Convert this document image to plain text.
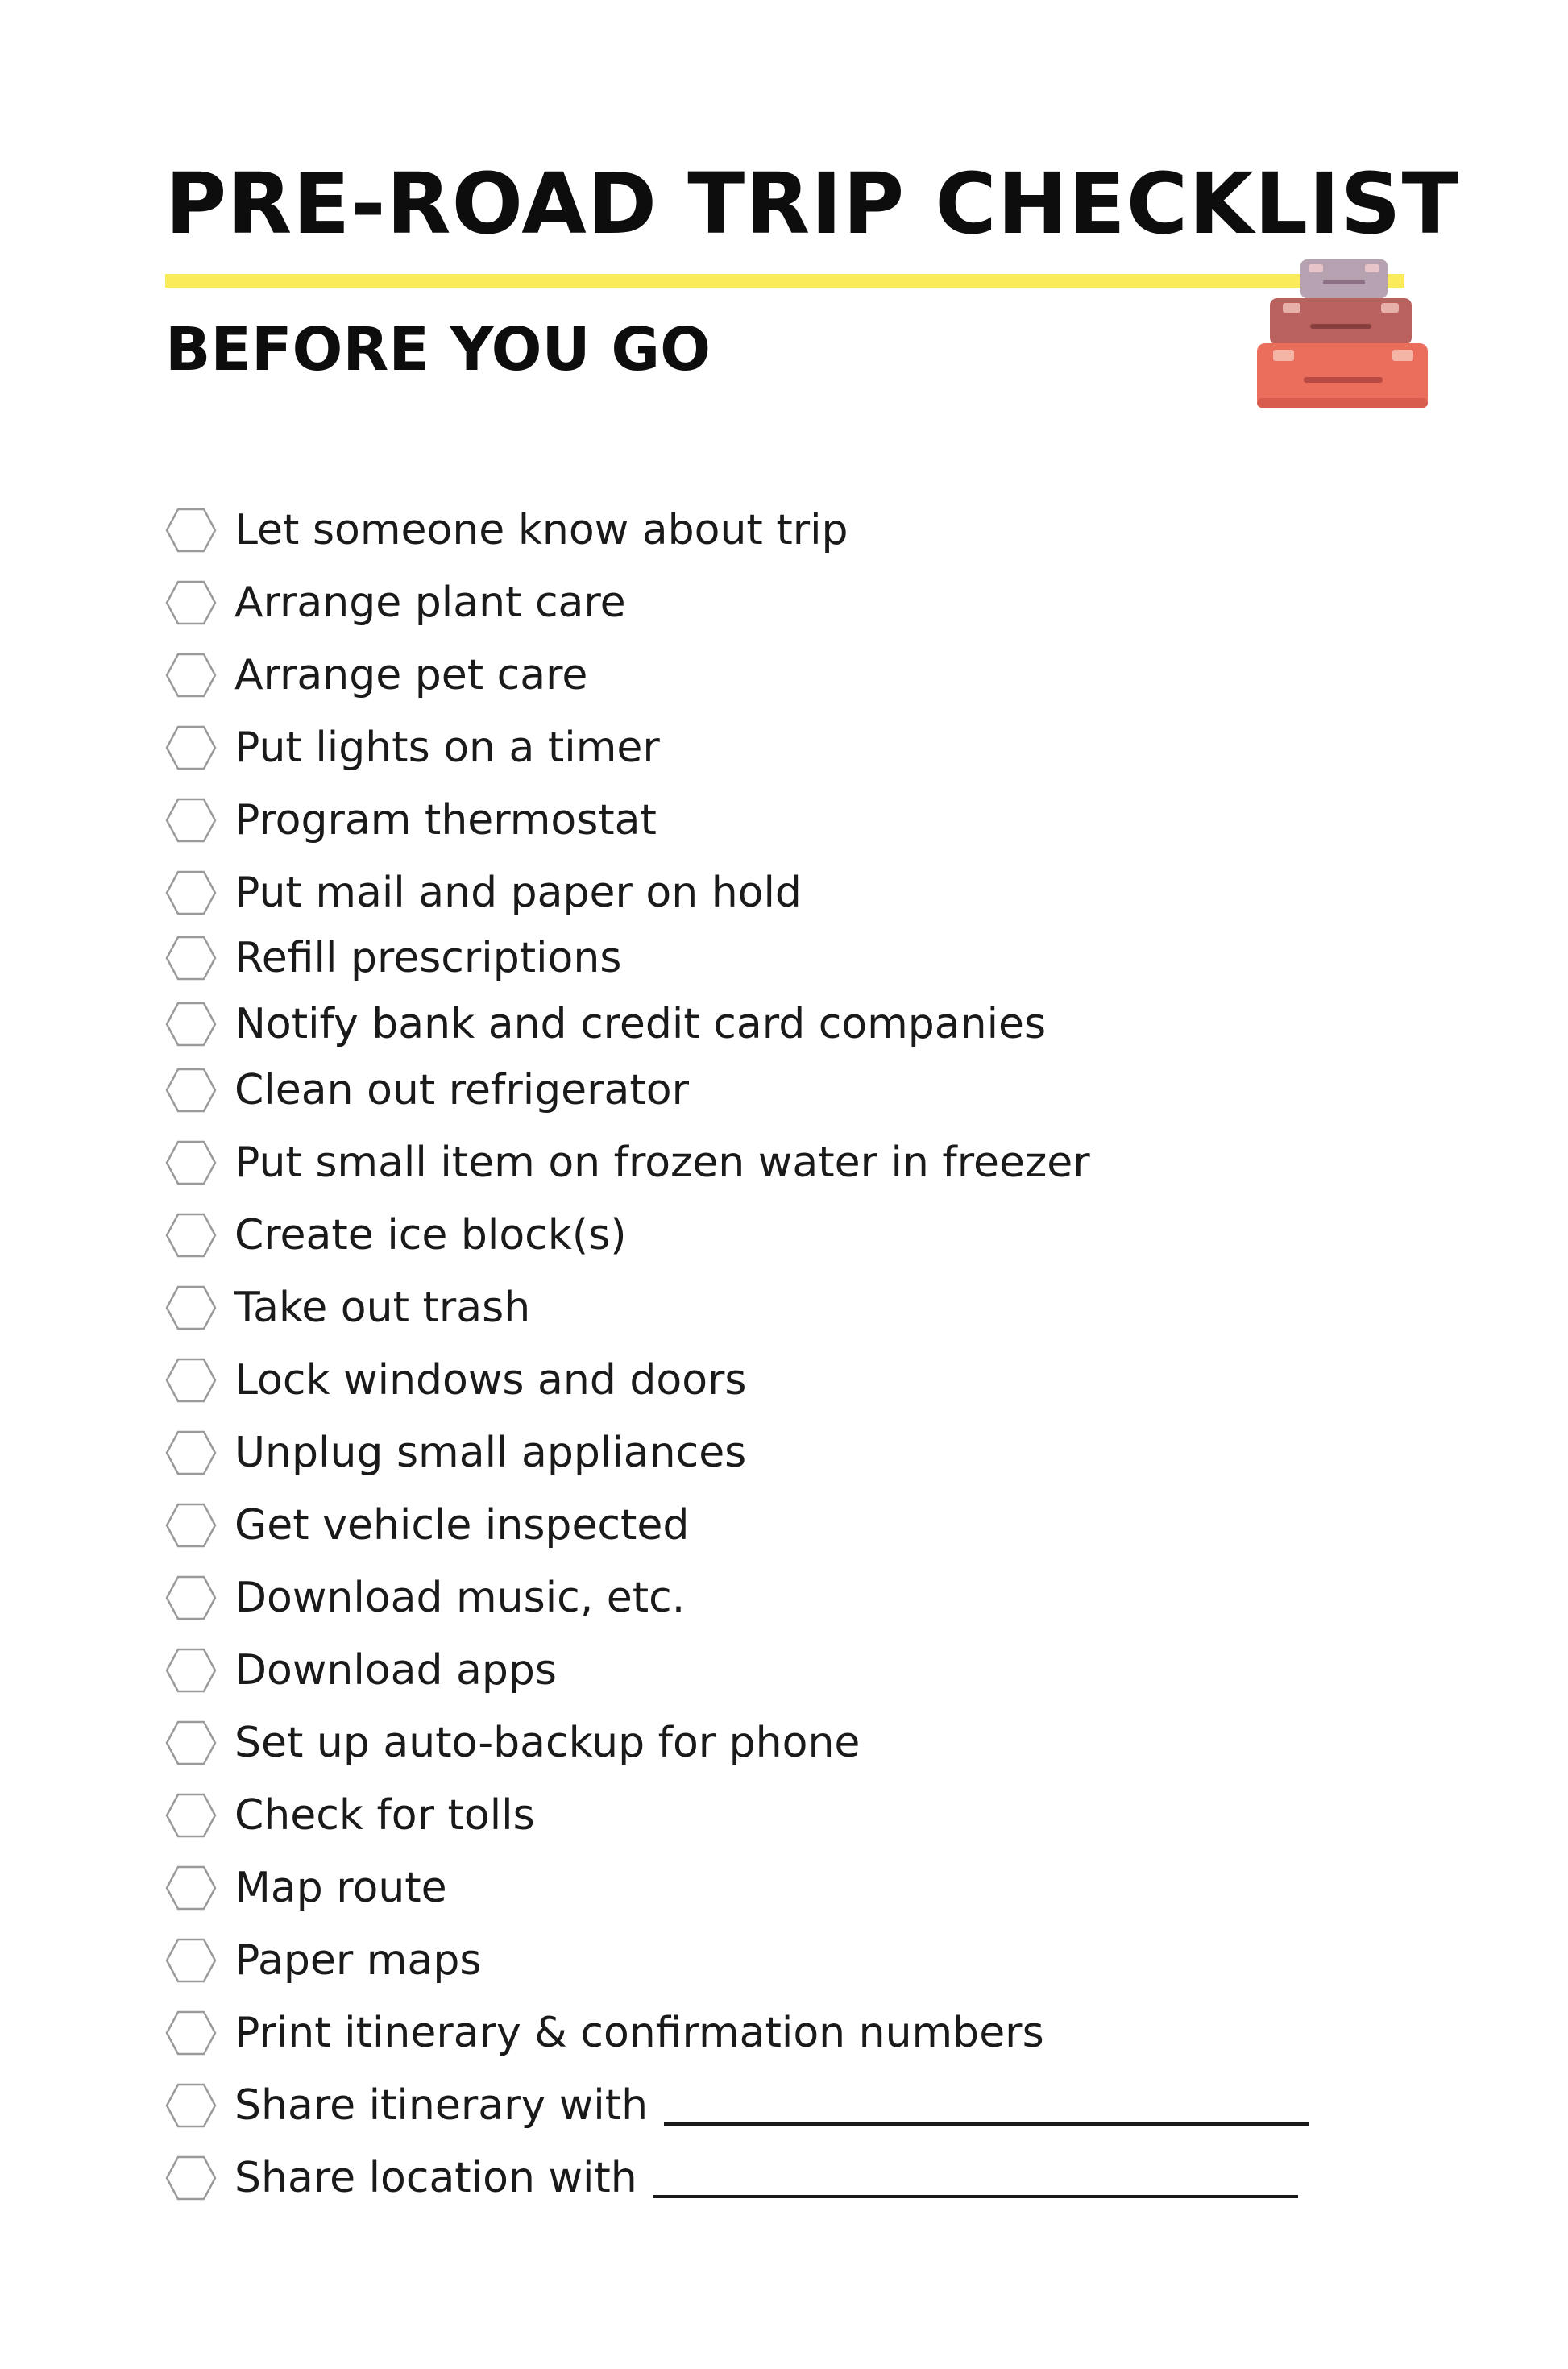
PRE-ROAD TRIP CHECKLIST
BEFORE YOU GO
Let someone know about trip
Arrange plant care
Arrange pet care
Put lights on a timer
Program thermostat
Put mail and paper on hold
Refill prescriptions
Notify bank and credit card companies
Clean out refrigerator
Put small item on frozen water in freezer
Create ice block(s)
Take out trash
Lock windows and doors
Unplug small appliances
Get vehicle inspected
Download music, etc.
Download apps
Set up auto-backup for phone
Check for tolls
Map route
Paper maps
Print itinerary & confirmation numbers
Share itinerary with
Share location with
